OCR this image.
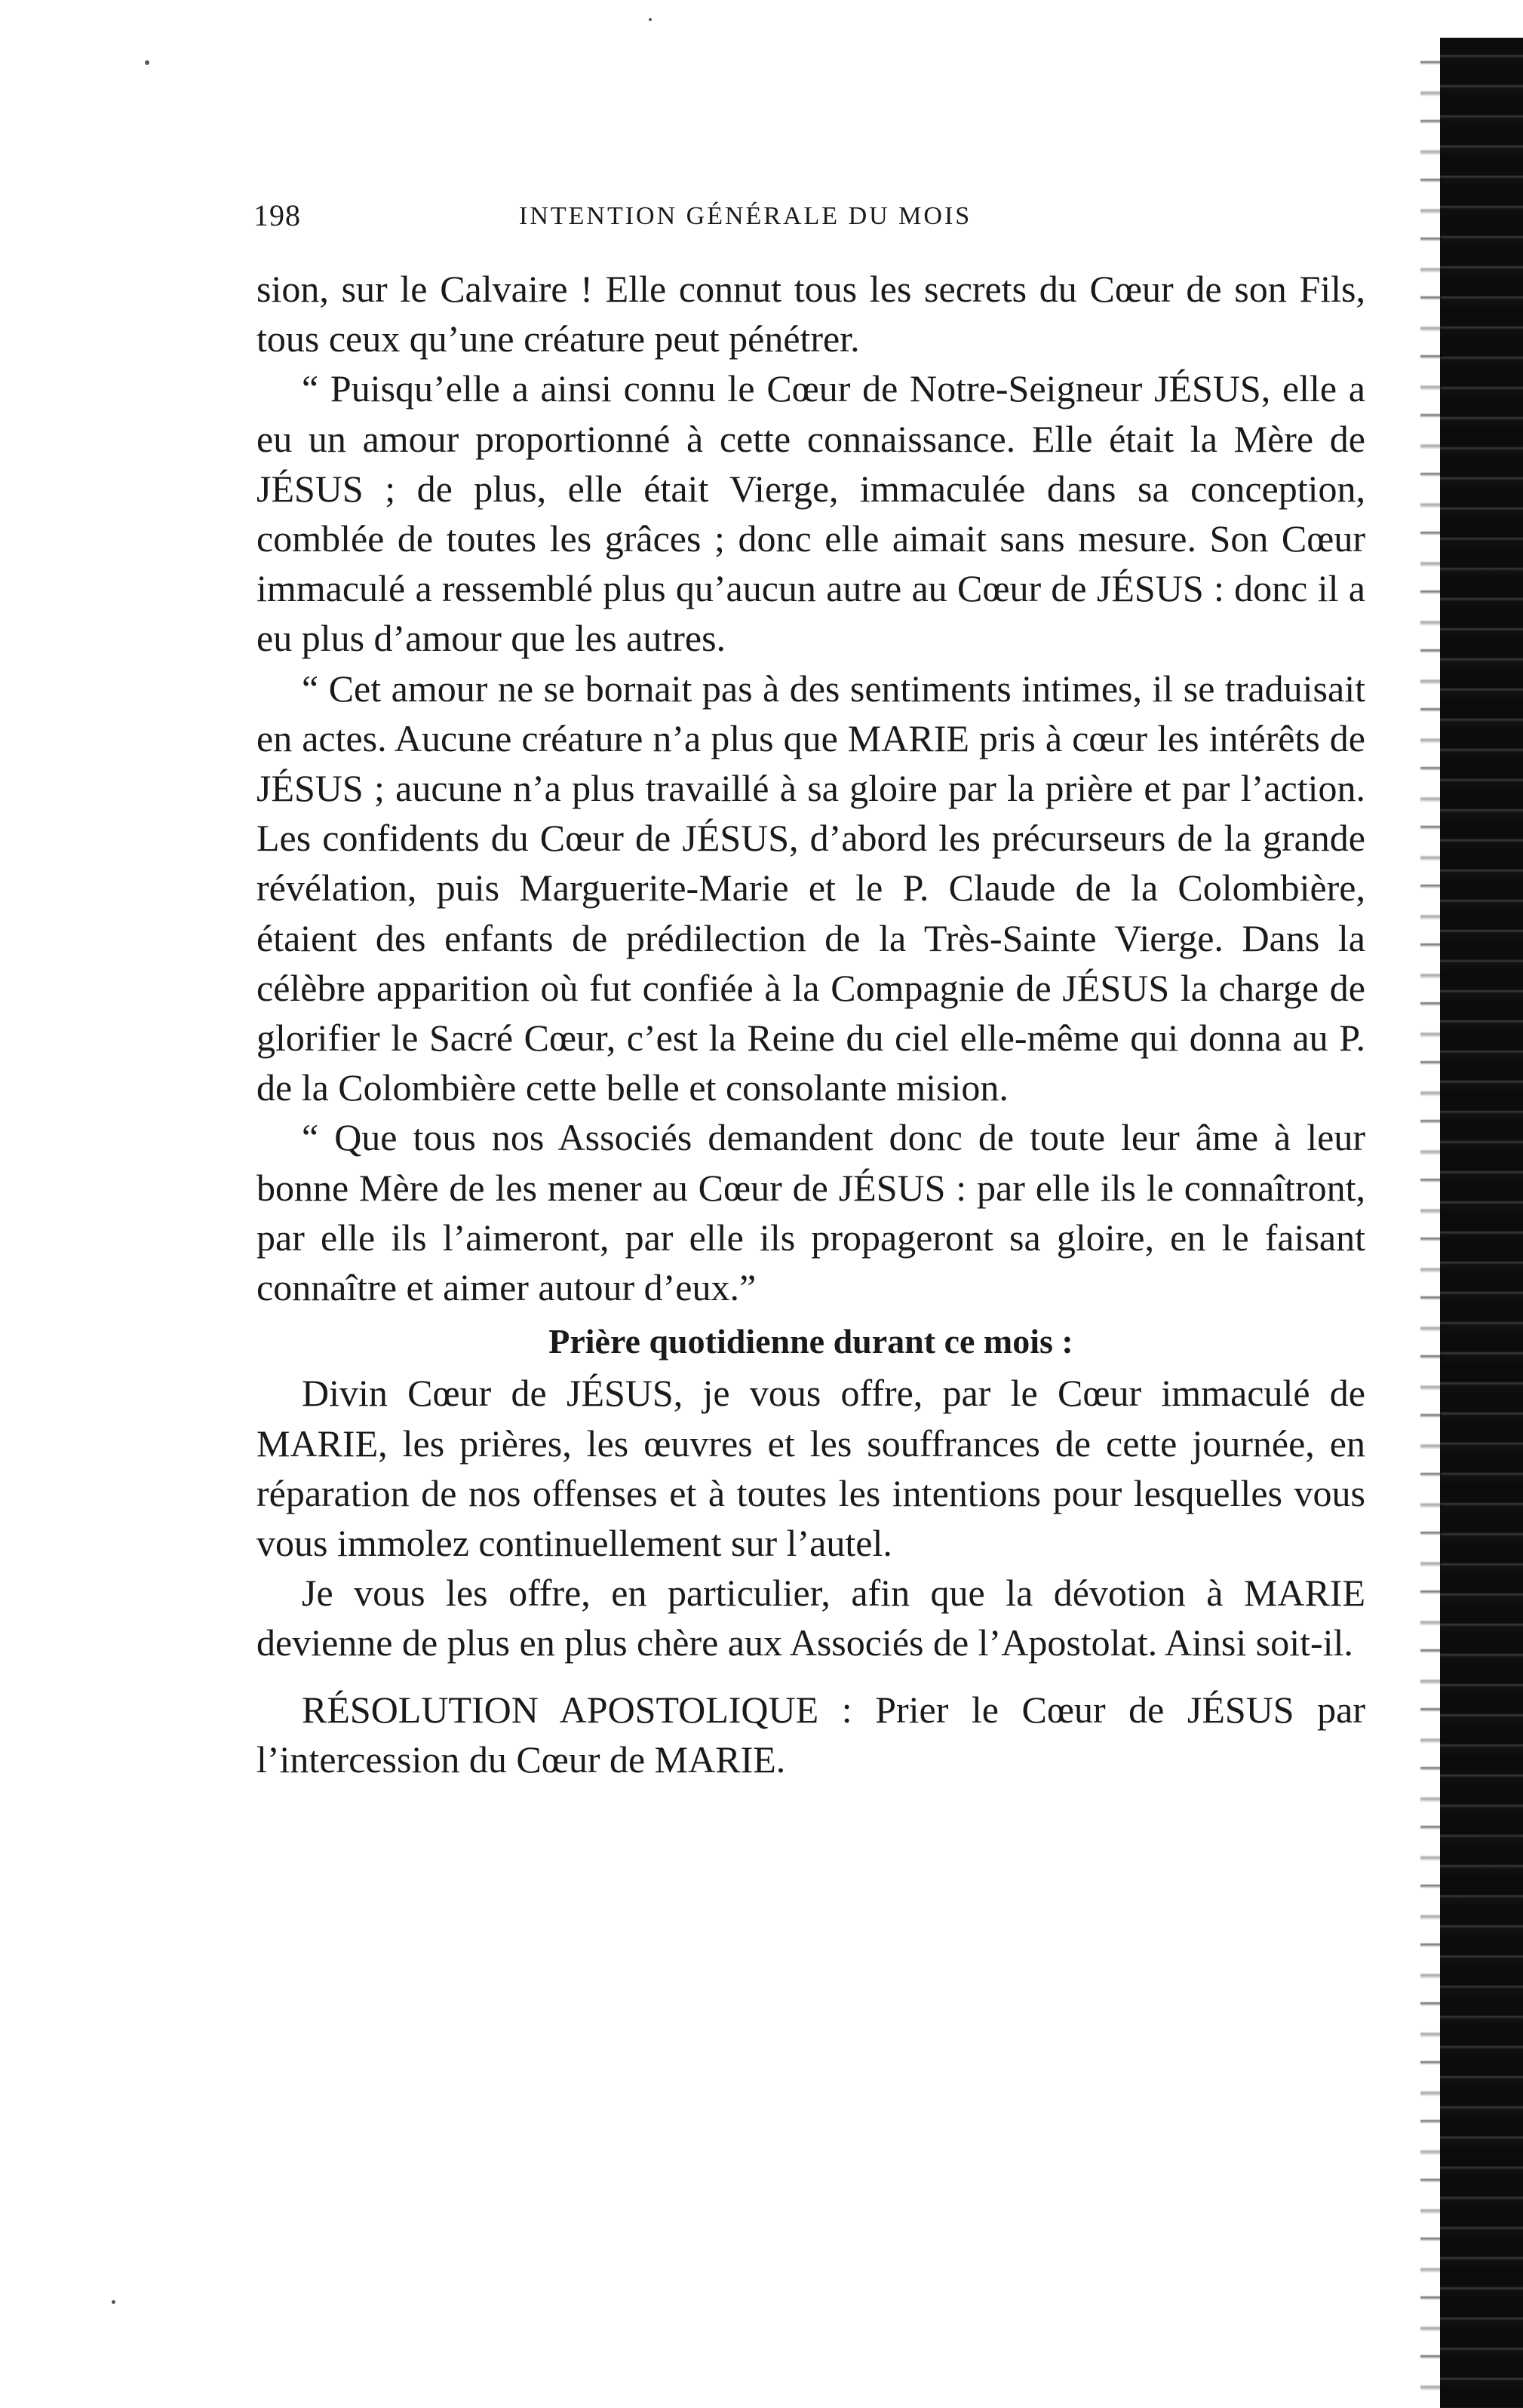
198	INTENTION GÉNÉRALE DU MOIS

sion, sur le Calvaire ! Elle connut tous les secrets du Cœur de son Fils, tous ceux qu’une créature peut pénétrer.

“ Puisqu’elle a ainsi connu le Cœur de Notre-Seigneur JÉSUS, elle a eu un amour proportionné à cette connaissance. Elle était la Mère de JÉSUS ; de plus, elle était Vierge, immaculée dans sa conception, comblée de toutes les grâces ; donc elle aimait sans mesure. Son Cœur immaculé a ressemblé plus qu’aucun autre au Cœur de JÉSUS : donc il a eu plus d’amour que les autres.

“ Cet amour ne se bornait pas à des sentiments intimes, il se traduisait en actes. Aucune créature n’a plus que MARIE pris à cœur les intérêts de JÉSUS ; aucune n’a plus travaillé à sa gloire par la prière et par l’action. Les confidents du Cœur de JÉSUS, d’abord les précurseurs de la grande révélation, puis Marguerite-Marie et le P. Claude de la Colombière, étaient des enfants de prédilection de la Très-Sainte Vierge. Dans la célèbre apparition où fut confiée à la Compagnie de JÉSUS la charge de glorifier le Sacré Cœur, c’est la Reine du ciel elle-même qui donna au P. de la Colombière cette belle et consolante mision.

“ Que tous nos Associés demandent donc de toute leur âme à leur bonne Mère de les mener au Cœur de JÉSUS : par elle ils le connaîtront, par elle ils l’aimeront, par elle ils propageront sa gloire, en le faisant connaître et aimer autour d’eux.”

Prière quotidienne durant ce mois :

Divin Cœur de JÉSUS, je vous offre, par le Cœur immaculé de MARIE, les prières, les œuvres et les souffrances de cette journée, en réparation de nos offenses et à toutes les intentions pour lesquelles vous vous immolez continuellement sur l’autel.

Je vous les offre, en particulier, afin que la dévotion à MARIE devienne de plus en plus chère aux Associés de l’Apostolat. Ainsi soit-il.

RÉSOLUTION APOSTOLIQUE : Prier le Cœur de JÉSUS par l’intercession du Cœur de MARIE.
